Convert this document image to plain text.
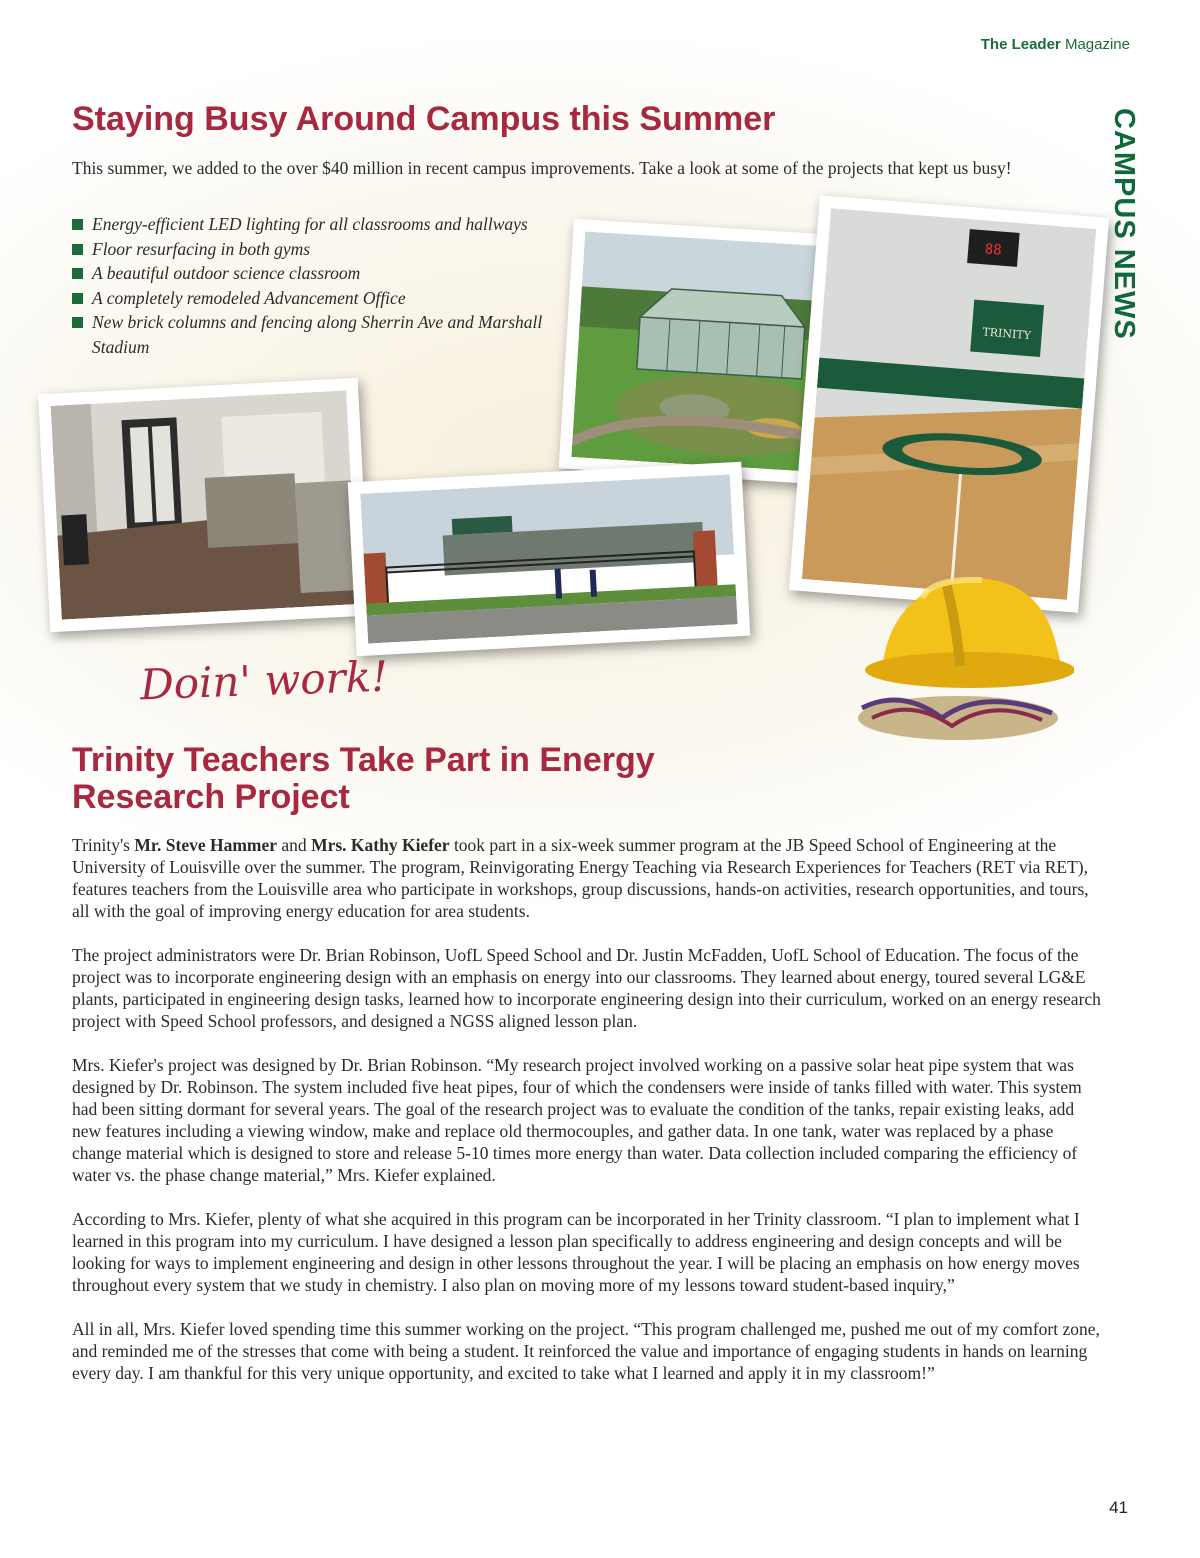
The Leader Magazine
CAMPUS NEWS
Staying Busy Around Campus this Summer

This summer, we added to the over $40 million in recent campus improvements. Take a look at some of the projects that kept us busy!

Energy-efficient LED lighting for all classrooms and hallways
Floor resurfacing in both gyms
A beautiful outdoor science classroom
A completely remodeled Advancement Office
New brick columns and fencing along Sherrin Ave and Marshall Stadium
88
TRINITY
Doin' work!
Trinity Teachers Take Part in Energy Research Project

Trinity's Mr. Steve Hammer and Mrs. Kathy Kiefer took part in a six-week summer program at the JB Speed School of Engineering at the University of Louisville over the summer. The program, Reinvigorating Energy Teaching via Research Experiences for Teachers (RET via RET), features teachers from the Louisville area who participate in workshops, group discussions, hands-on activities, research opportunities, and tours, all with the goal of improving energy education for area students.

The project administrators were Dr. Brian Robinson, UofL Speed School and Dr. Justin McFadden, UofL School of Education. The focus of the project was to incorporate engineering design with an emphasis on energy into our classrooms. They learned about energy, toured several LG&E plants, participated in engineering design tasks, learned how to incorporate engineering design into their curriculum, worked on an energy research project with Speed School professors, and designed a NGSS aligned lesson plan.

Mrs. Kiefer's project was designed by Dr. Brian Robinson. “My research project involved working on a passive solar heat pipe system that was designed by Dr. Robinson. The system included five heat pipes, four of which the condensers were inside of tanks filled with water. This system had been sitting dormant for several years. The goal of the research project was to evaluate the condition of the tanks, repair existing leaks, add new features including a viewing window, make and replace old thermocouples, and gather data. In one tank, water was replaced by a phase change material which is designed to store and release 5-10 times more energy than water. Data collection included comparing the efficiency of water vs. the phase change material,” Mrs. Kiefer explained.

According to Mrs. Kiefer, plenty of what she acquired in this program can be incorporated in her Trinity classroom. “I plan to implement what I learned in this program into my curriculum. I have designed a lesson plan specifically to address engineering and design concepts and will be looking for ways to implement engineering and design in other lessons throughout the year. I will be placing an emphasis on how energy moves throughout every system that we study in chemistry. I also plan on moving more of my lessons toward student-based inquiry,”

All in all, Mrs. Kiefer loved spending time this summer working on the project. “This program challenged me, pushed me out of my comfort zone, and reminded me of the stresses that come with being a student. It reinforced the value and importance of engaging students in hands on learning every day. I am thankful for this very unique opportunity, and excited to take what I learned and apply it in my classroom!”

41
